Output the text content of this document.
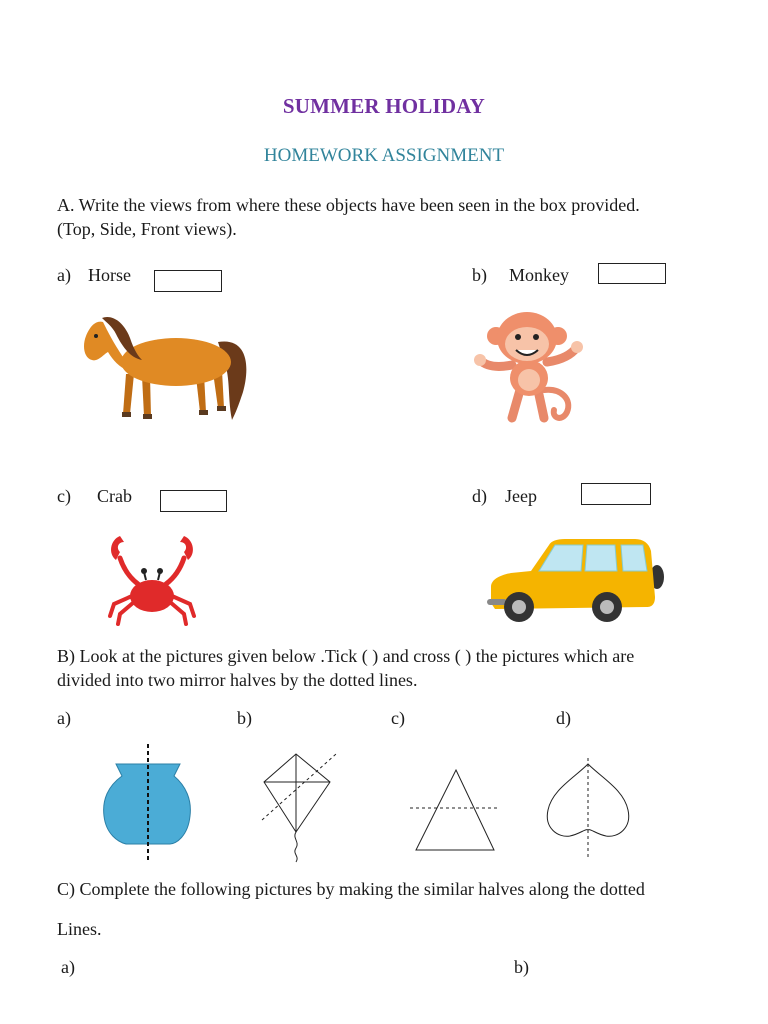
SUMMER HOLIDAY
HOMEWORK ASSIGNMENT
A. Write the views from where these objects have been seen in the box provided.
(Top, Side, Front views).
a) Horse	b) Monkey
c) Crab	d) Jeep
B) Look at the pictures given below .Tick ( ) and cross ( ) the pictures which are
divided into two mirror halves by the dotted lines.
a)	b)	c)	d)
C) Complete the following pictures by making the similar halves along the dotted
Lines.
a)	b)
